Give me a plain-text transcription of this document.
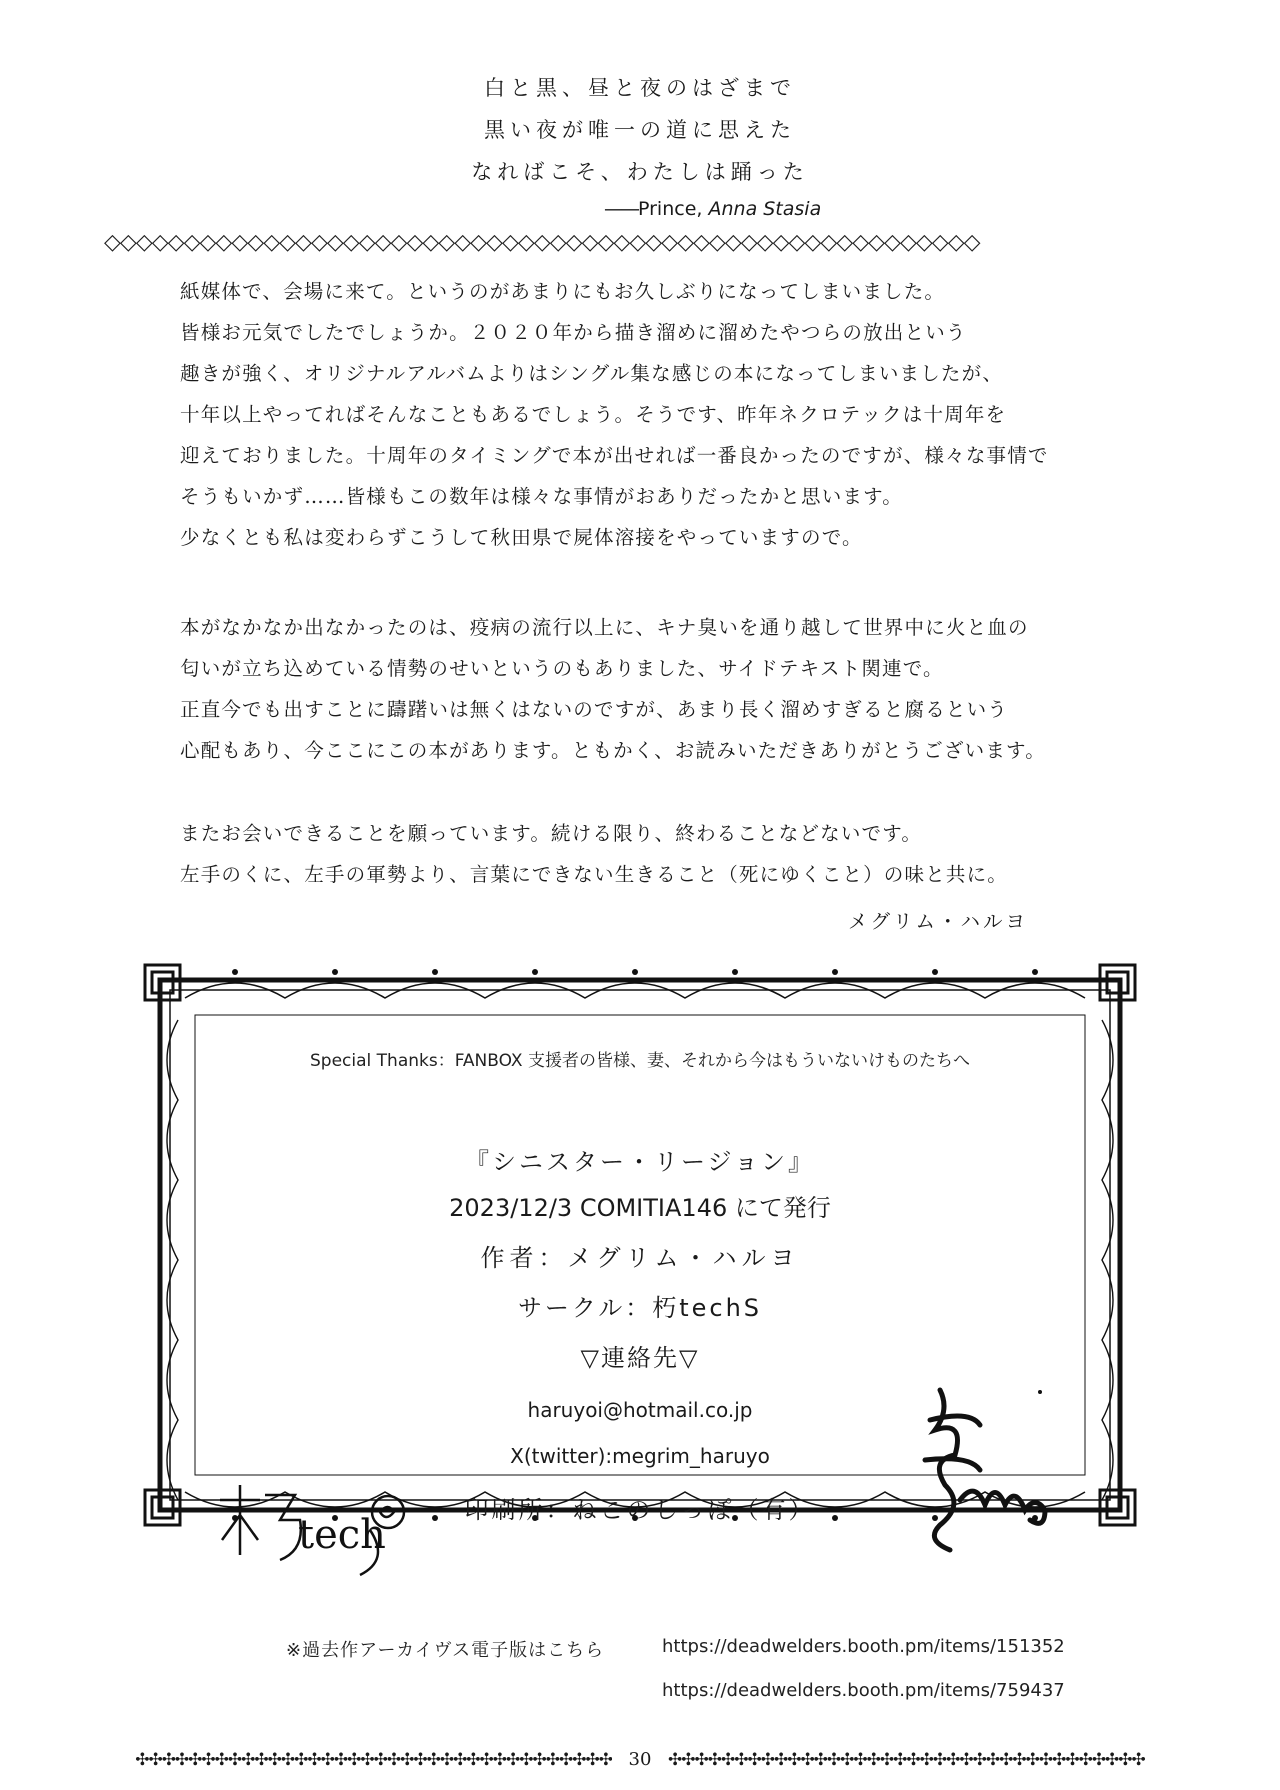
白と黒、昼と夜のはざまで
黒い夜が唯一の道に思えた
なればこそ、わたしは踊った
——Prince, Anna Stasia
◇◇◇◇◇◇◇◇◇◇◇◇◇◇◇◇◇◇◇◇◇◇◇◇◇◇◇◇◇◇◇◇◇◇◇◇◇◇◇◇◇◇◇◇◇◇◇◇◇◇◇◇◇◇◇
紙媒体で、会場に来て。というのがあまりにもお久しぶりになってしまいました。
皆様お元気でしたでしょうか。２０２０年から描き溜めに溜めたやつらの放出という
趣きが強く、オリジナルアルバムよりはシングル集な感じの本になってしまいましたが、
十年以上やってればそんなこともあるでしょう。そうです、昨年ネクロテックは十周年を
迎えておりました。十周年のタイミングで本が出せれば一番良かったのですが、様々な事情で
そうもいかず……皆様もこの数年は様々な事情がおありだったかと思います。
少なくとも私は変わらずこうして秋田県で屍体溶接をやっていますので。
本がなかなか出なかったのは、疫病の流行以上に、キナ臭いを通り越して世界中に火と血の
匂いが立ち込めている情勢のせいというのもありました、サイドテキスト関連で。
正直今でも出すことに躊躇いは無くはないのですが、あまり長く溜めすぎると腐るという
心配もあり、今ここにこの本があります。ともかく、お読みいただきありがとうございます。
またお会いできることを願っています。続ける限り、終わることなどないです。
左手のくに、左手の軍勢より、言葉にできない生きること（死にゆくこと）の味と共に。
メグリム・ハルヨ
Special Thanks：FANBOX 支援者の皆様、妻、それから今はもういないけものたちへ
『シニスター・リージョン』
2023/12/3 COMITIA146 にて発行
作者：メグリム・ハルヨ
サークル：朽techS
▽連絡先▽
haruyoi@hotmail.co.jp
X(twitter):megrim_haruyo
印刷所：ねこのしっぽ（有）
tech
※過去作アーカイヴス電子版はこちら	https://deadwelders.booth.pm/items/151352
https://deadwelders.booth.pm/items/759437
✣✣✣✣✣✣✣✣✣✣✣✣✣✣✣✣✣✣✣✣✣✣✣✣✣✣✣✣✣✣✣✣✣✣✣✣ 30 ✣✣✣✣✣✣✣✣✣✣✣✣✣✣✣✣✣✣✣✣✣✣✣✣✣✣✣✣✣✣✣✣✣✣✣✣
